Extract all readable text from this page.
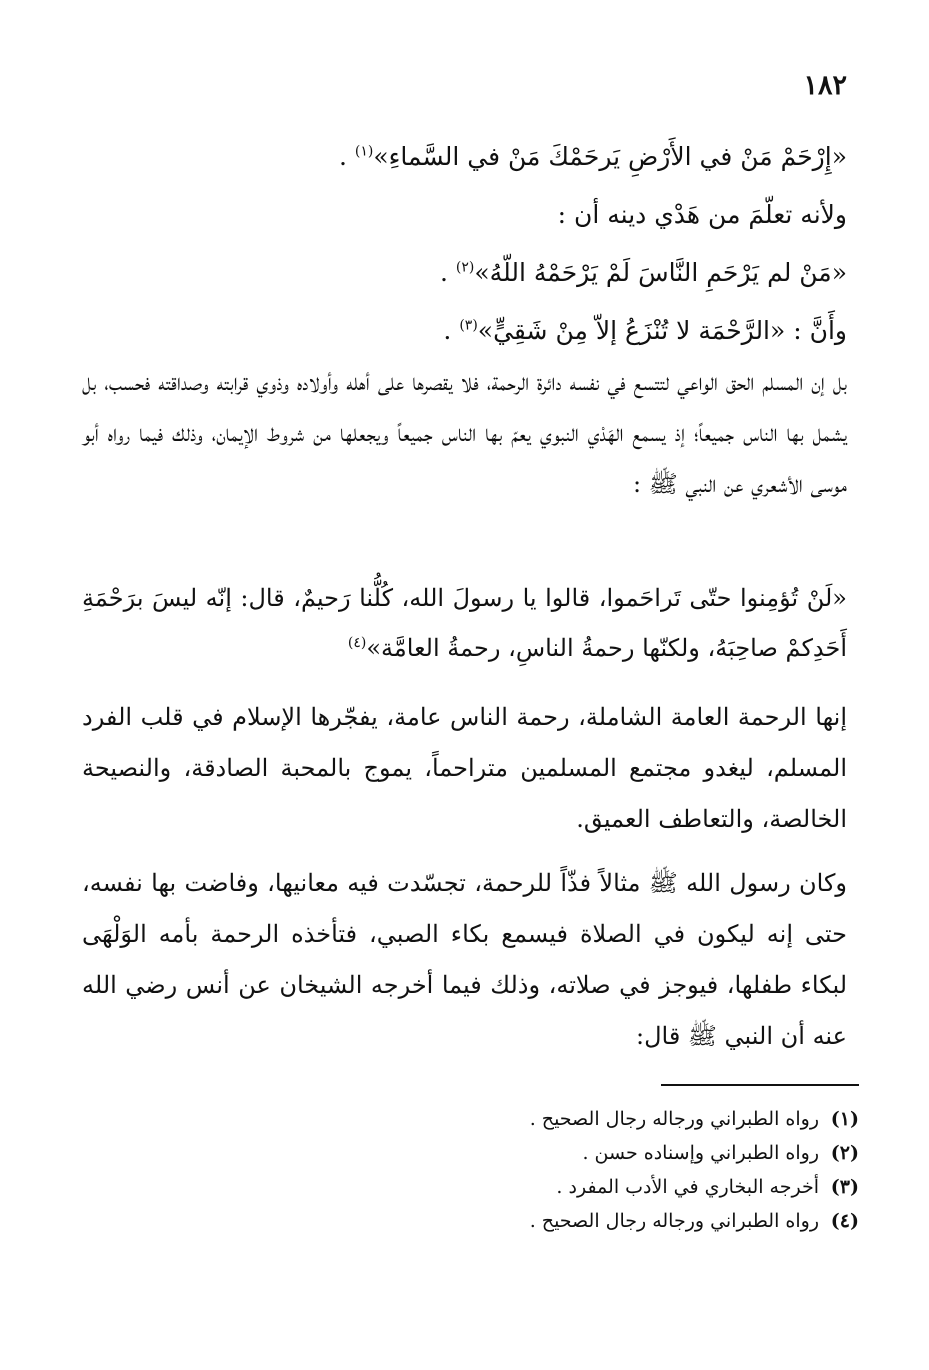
١٨٢
«إِرْحَمْ مَنْ في الأَرْضِ يَرحَمْكَ مَنْ في السَّماءِ»$^{(١)}$ .
ولأنه تعلّمَ من هَدْي دينه أن :
«مَنْ لم يَرْحَمِ النَّاسَ لَمْ يَرْحَمْهُ اللّهُ»$^{(٢)}$ .
وأَنَّ : «الرَّحْمَة لا تُنْزَعُ إلاّ مِنْ شَقِيٍّ»$^{(٣)}$ .

بل إن المسلم الحق الواعي لتتسع في نفسه دائرة الرحمة، فلا يقصرها على أهله وأولاده وذوي قرابته وصداقته فحسب، بل يشمل بها الناس جميعاً؛ إذ يسمع الهَدْي النبوي يعمّ بها الناس جميعاً ويجعلها من شروط الإيمان، وذلك فيما رواه أبو موسى الأشعري عن النبي ﷺ :

«لَنْ تُؤمِنوا حتّى تَراحَموا، قالوا يا رسولَ الله، كُلُّنا رَحيمٌ، قال: إنّه ليسَ برَحْمَةِ أَحَدِكمْ صاحِبَهُ، ولكنّها رحمةُ الناسِ، رحمةُ العامَّة»$^{(٤)}$

إنها الرحمة العامة الشاملة، رحمة الناس عامة، يفجّرها الإسلام في قلب الفرد المسلم، ليغدو مجتمع المسلمين متراحماً، يموج بالمحبة الصادقة، والنصيحة الخالصة، والتعاطف العميق.

وكان رسول الله ﷺ مثالاً فذّاً للرحمة، تجسّدت فيه معانيها، وفاضت بها نفسه، حتى إنه ليكون في الصلاة فيسمع بكاء الصبي، فتأخذه الرحمة بأمه الوَلْهَى لبكاء طفلها، فيوجز في صلاته، وذلك فيما أخرجه الشيخان عن أنس رضي الله عنه أن النبي ﷺ قال:

(١)رواه الطبراني ورجاله رجال الصحيح .
(٢)رواه الطبراني وإسناده حسن .
(٣)أخرجه البخاري في الأدب المفرد .
(٤)رواه الطبراني ورجاله رجال الصحيح .
